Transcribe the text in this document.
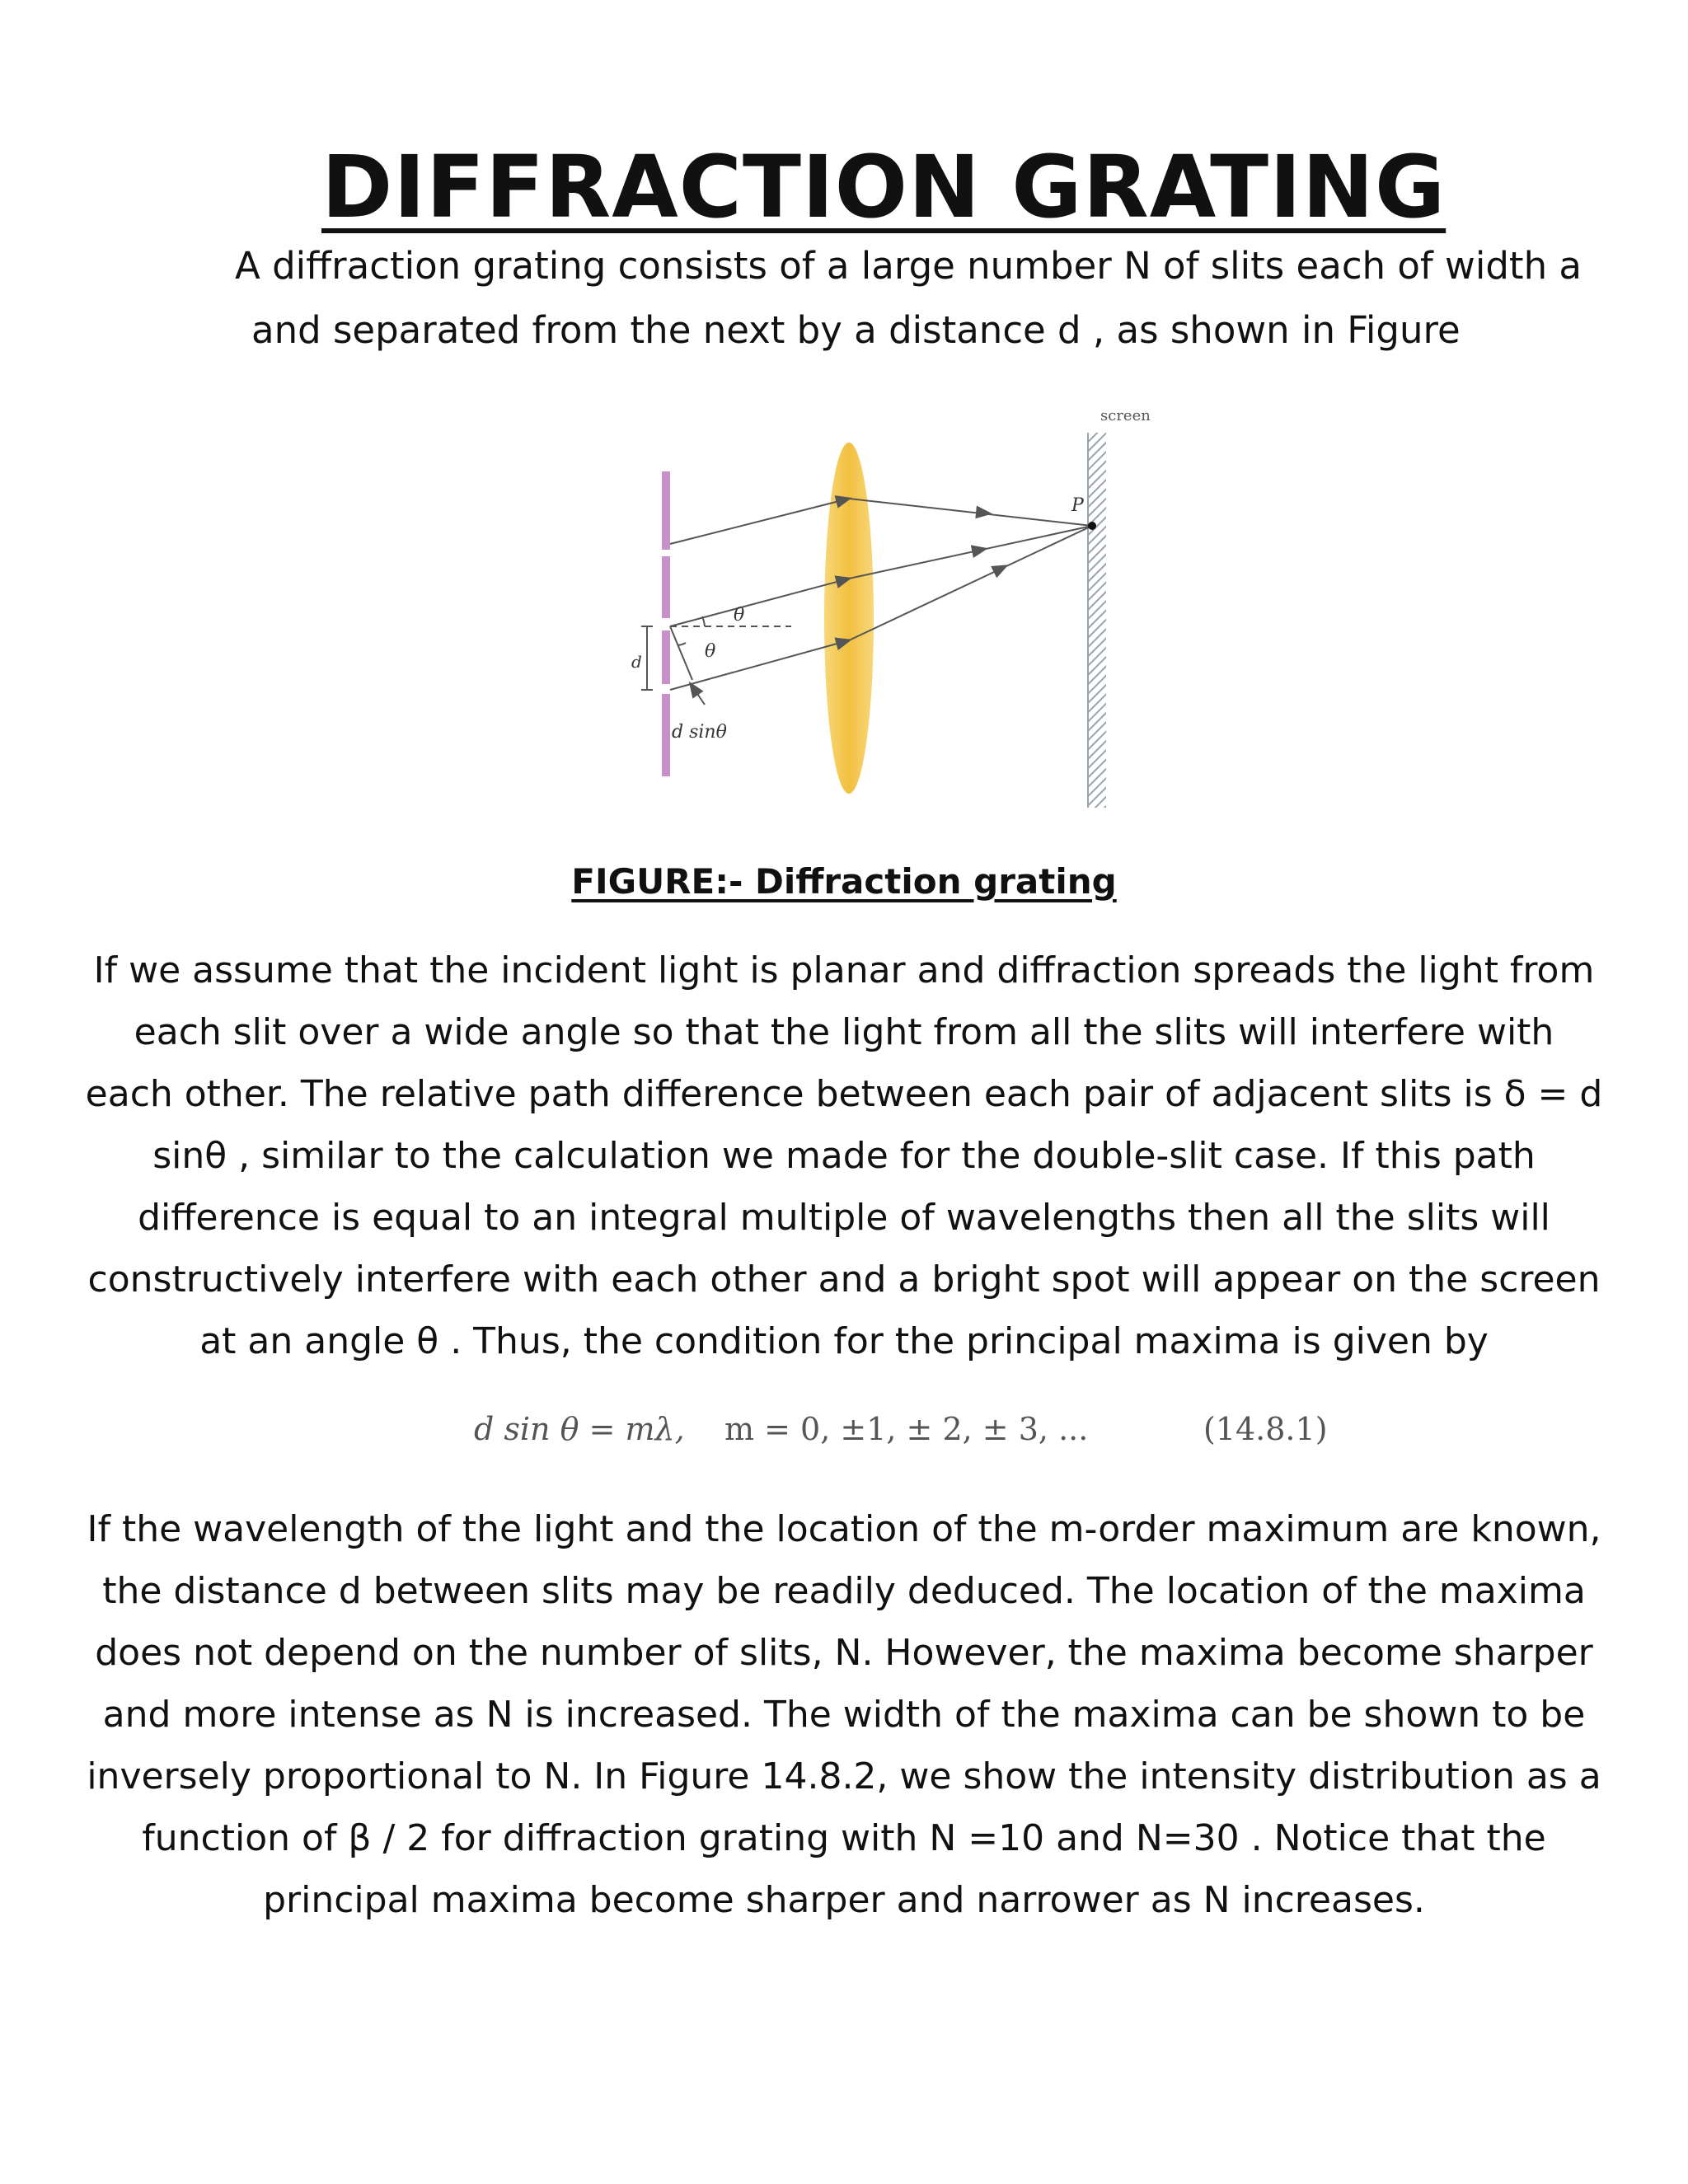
DIFFRACTION GRATING
A diffraction grating consists of a large number N of slits each of width a
and separated from the next by a distance d , as shown in Figure
screen
P
θ
θ
d
d sinθ
FIGURE:- Diffraction grating
If we assume that the incident light is planar and diffraction spreads the light from
each slit over a wide angle so that the light from all the slits will interfere with
each other. The relative path difference between each pair of adjacent slits is δ = d
sinθ , similar to the calculation we made for the double-slit case. If this path
difference is equal to an integral multiple of wavelengths then all the slits will
constructively interfere with each other and a bright spot will appear on the screen
at an angle θ . Thus, the condition for the principal maxima is given by
d sin θ = mλ, m = 0, ±1, ± 2, ± 3, ...	(14.8.1)
If the wavelength of the light and the location of the m-order maximum are known,
the distance d between slits may be readily deduced. The location of the maxima
does not depend on the number of slits, N. However, the maxima become sharper
and more intense as N is increased. The width of the maxima can be shown to be
inversely proportional to N. In Figure 14.8.2, we show the intensity distribution as a
function of β / 2 for diffraction grating with N =10 and N=30 . Notice that the
principal maxima become sharper and narrower as N increases.
